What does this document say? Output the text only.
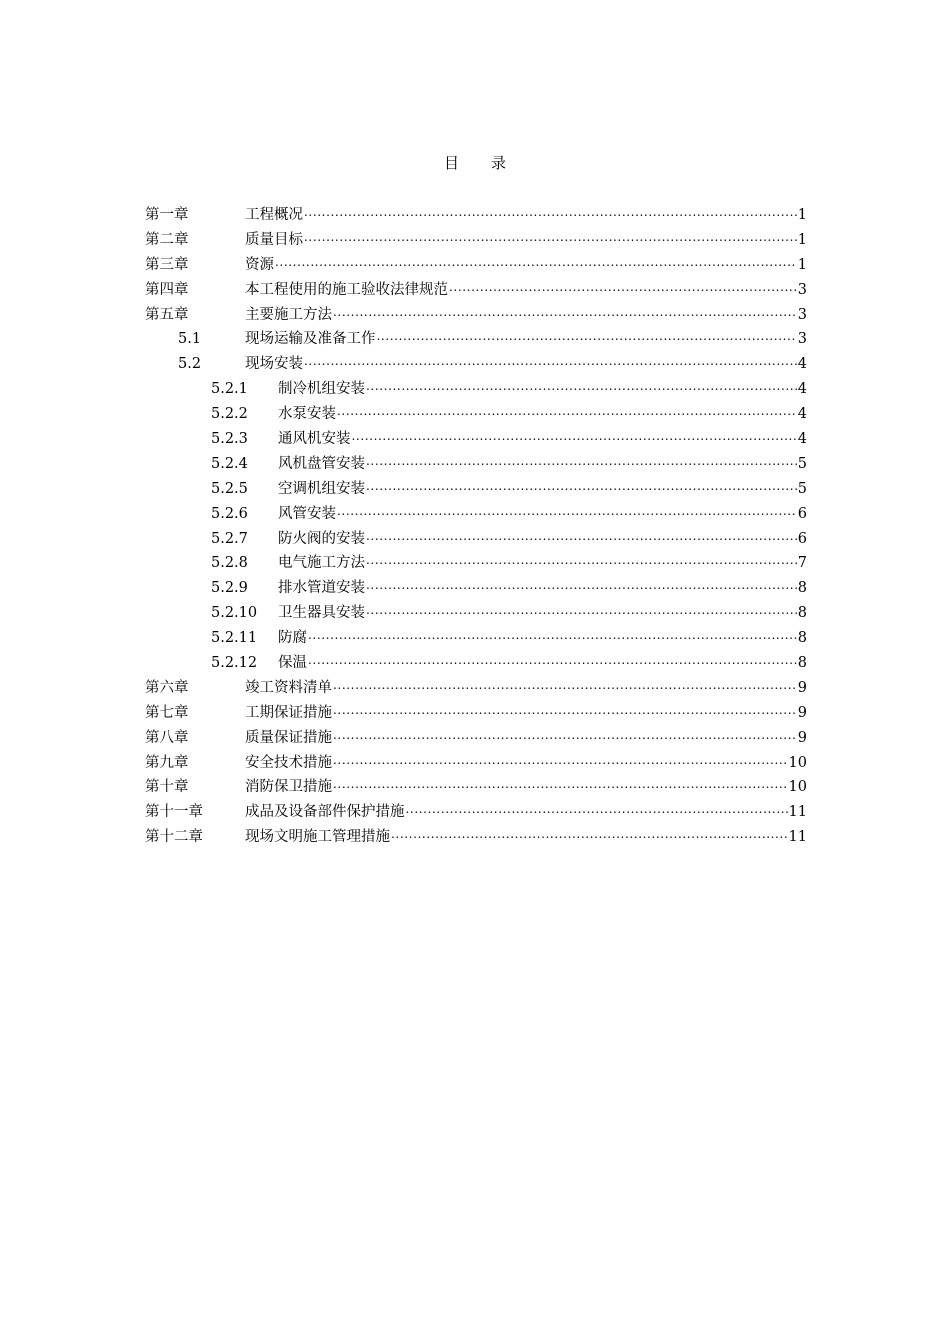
目 录
第一章	工程概况 .....	1
第二章	质量目标 .....	1
第三章	资源 .....	1
第四章	本工程使用的施工验收法律规范 .....	3
第五章	主要施工方法 .....	3
5.1	现场运输及准备工作 .....	3
5.2	现场安装 .....	4
5.2.1	制冷机组安装 .....	4
5.2.2	水泵安装 .....	4
5.2.3	通风机安装 .....	4
5.2.4	风机盘管安装 .....	5
5.2.5	空调机组安装 .....	5
5.2.6	风管安装 .....	6
5.2.7	防火阀的安装 .....	6
5.2.8	电气施工方法 .....	7
5.2.9	排水管道安装 .....	8
5.2.10	卫生器具安装 .....	8
5.2.11	防腐 .....	8
5.2.12	保温 .....	8
第六章	竣工资料清单 .....	9
第七章	工期保证措施 .....	9
第八章	质量保证措施 .....	9
第九章	安全技术措施 .....	10
第十章	消防保卫措施 .....	10
第十一章	成品及设备部件保护措施 .....	11
第十二章	现场文明施工管理措施 .....	11
